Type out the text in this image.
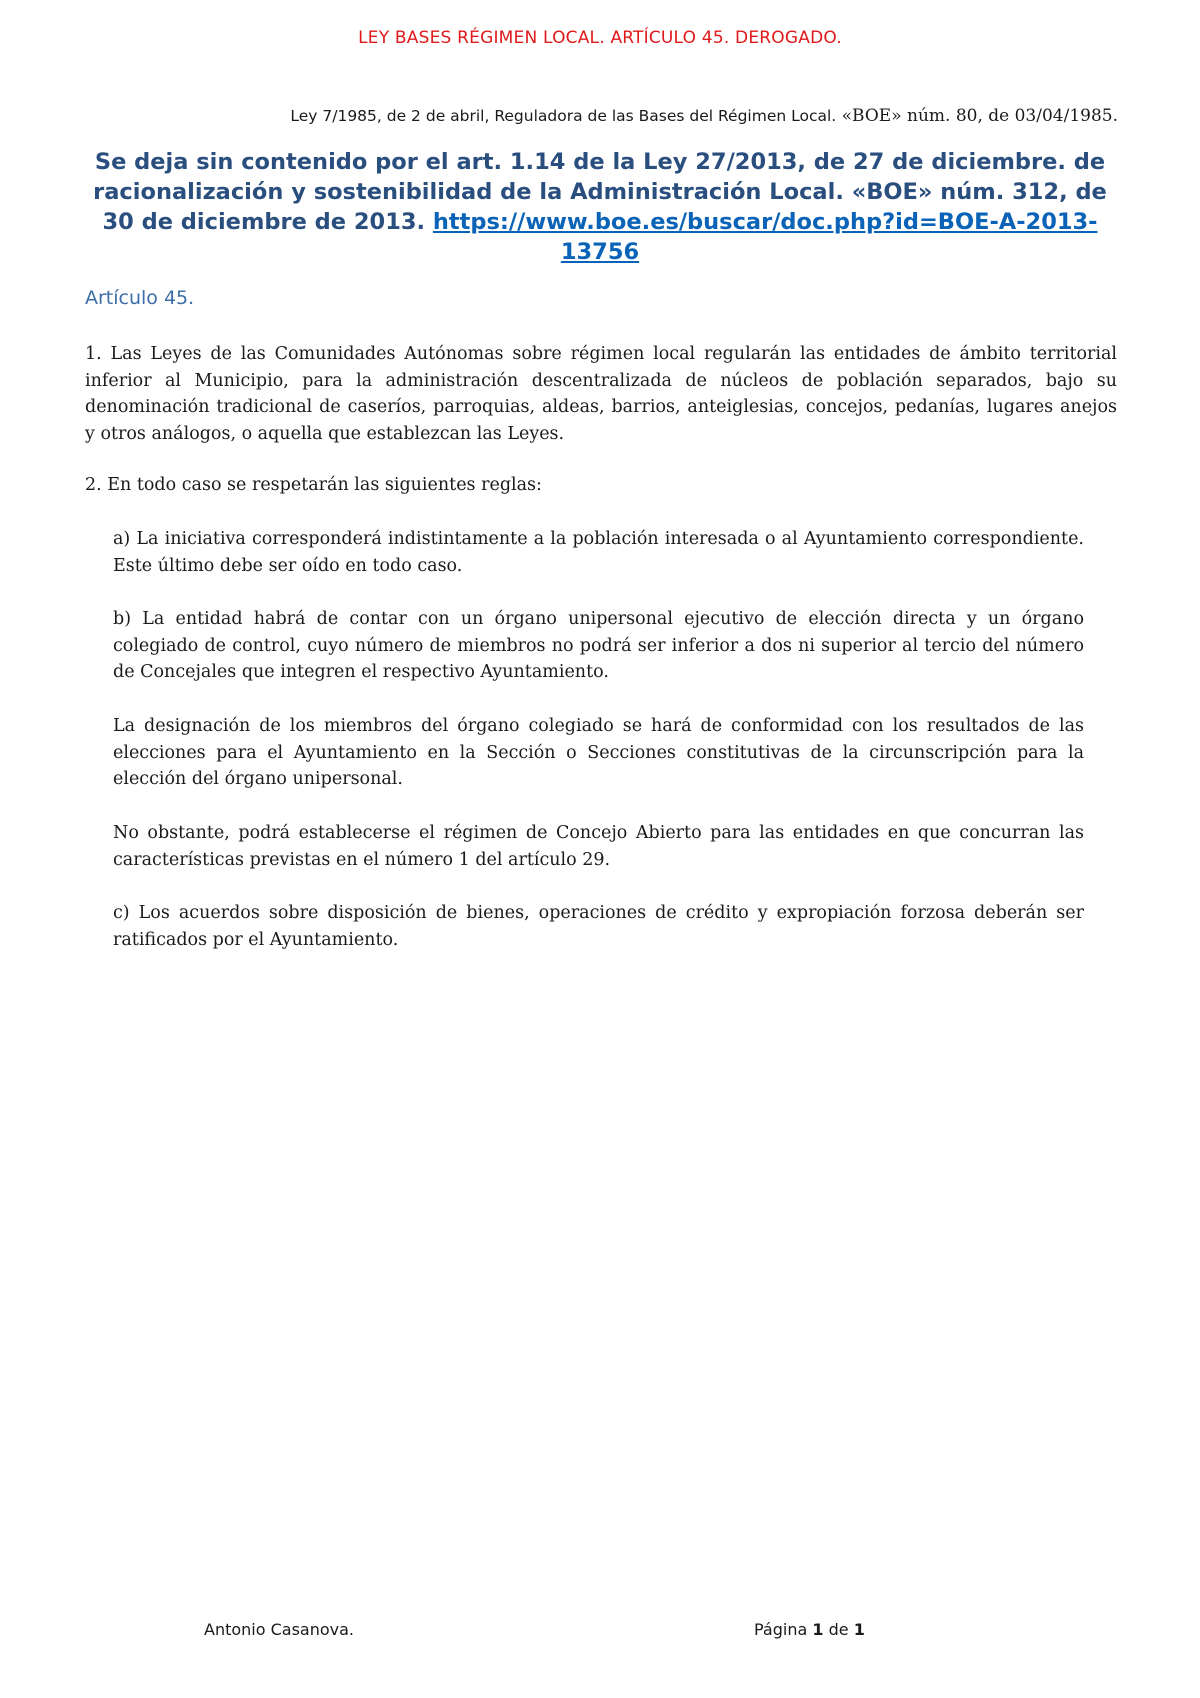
LEY BASES RÉGIMEN LOCAL. ARTÍCULO 45. DEROGADO.
Ley 7/1985, de 2 de abril, Reguladora de las Bases del Régimen Local. «BOE» núm. 80, de 03/04/1985.
Se deja sin contenido por el art. 1.14 de la Ley 27/2013, de 27 de diciembre. de racionalización y sostenibilidad de la Administración Local. «BOE» núm. 312, de 30 de diciembre de 2013. https://www.boe.es/buscar/doc.php?id=BOE-A-2013-13756
Artículo 45.

1. Las Leyes de las Comunidades Autónomas sobre régimen local regularán las entidades de ámbito territorial inferior al Municipio, para la administración descentralizada de núcleos de población separados, bajo su denominación tradicional de caseríos, parroquias, aldeas, barrios, anteiglesias, concejos, pedanías, lugares anejos y otros análogos, o aquella que establezcan las Leyes.

2. En todo caso se respetarán las siguientes reglas:

a) La iniciativa corresponderá indistintamente a la población interesada o al Ayuntamiento correspondiente. Este último debe ser oído en todo caso.

b) La entidad habrá de contar con un órgano unipersonal ejecutivo de elección directa y un órgano colegiado de control, cuyo número de miembros no podrá ser inferior a dos ni superior al tercio del número de Concejales que integren el respectivo Ayuntamiento.

La designación de los miembros del órgano colegiado se hará de conformidad con los resultados de las elecciones para el Ayuntamiento en la Sección o Secciones constitutivas de la circunscripción para la elección del órgano unipersonal.

No obstante, podrá establecerse el régimen de Concejo Abierto para las entidades en que concurran las características previstas en el número 1 del artículo 29.

c) Los acuerdos sobre disposición de bienes, operaciones de crédito y expropiación forzosa deberán ser ratificados por el Ayuntamiento.

Antonio Casanova.	Página 1 de 1
